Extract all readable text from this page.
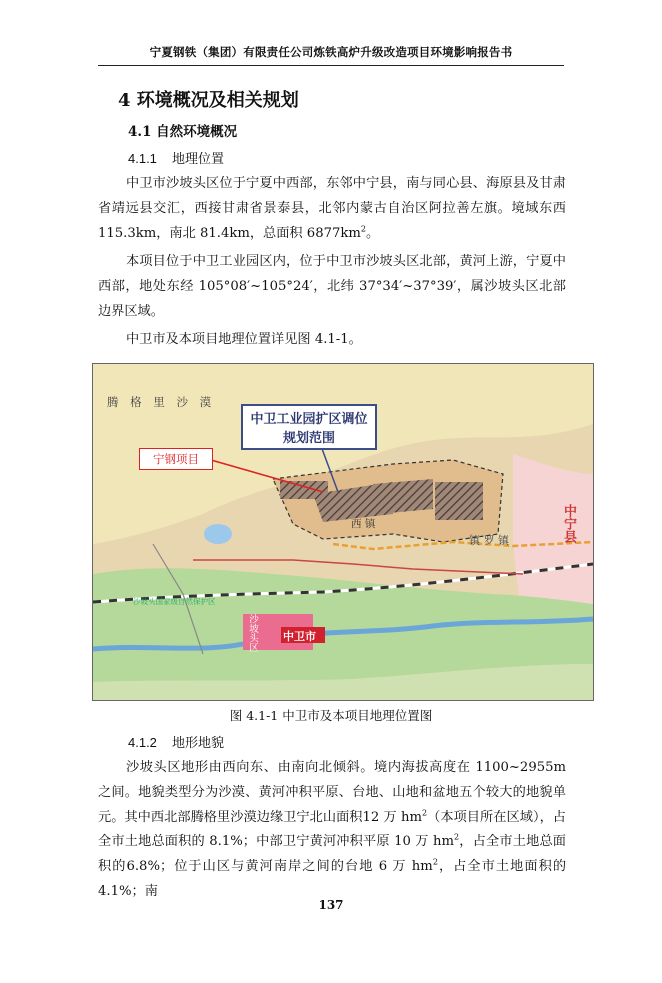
宁夏钢铁（集团）有限责任公司炼铁高炉升级改造项目环境影响报告书
4 环境概况及相关规划
4.1 自然环境概况
4.1.1 地理位置
中卫市沙坡头区位于宁夏中西部，东邻中宁县，南与同心县、海原县及甘肃省靖远县交汇，西接甘肃省景泰县，北邻内蒙古自治区阿拉善左旗。境域东西115.3km，南北 81.4km，总面积 $6877km^2$。
本项目位于中卫工业园区内，位于中卫市沙坡头区北部，黄河上游，宁夏中西部，地处东经 105°08′~105°24′，北纬 37°34′~37°39′，属沙坡头区北部边界区域。
中卫市及本项目地理位置详见图 4.1-1。
中卫工业园扩区调位
规划范围
宁钢项目
腾 格 里 沙 漠
中宁县
西 镇
镇 罗 镇
中卫市
沙坡头区
沙坡头国家级自然保护区
图 4.1-1 中卫市及本项目地理位置图
4.1.2 地形地貌
沙坡头区地形由西向东、由南向北倾斜。境内海拔高度在 1100~2955m 之间。地貌类型分为沙漠、黄河冲积平原、台地、山地和盆地五个较大的地貌单元。其中西北部腾格里沙漠边缘卫宁北山面积12 万 $hm^2$（本项目所在区域），占全市土地总面积的 8.1%；中部卫宁黄河冲积平原 10 万 $hm^2$，占全市土地总面积的6.8%；位于山区与黄河南岸之间的台地 6 万 $hm^2$，占全市土地面积的 4.1%；南
137
